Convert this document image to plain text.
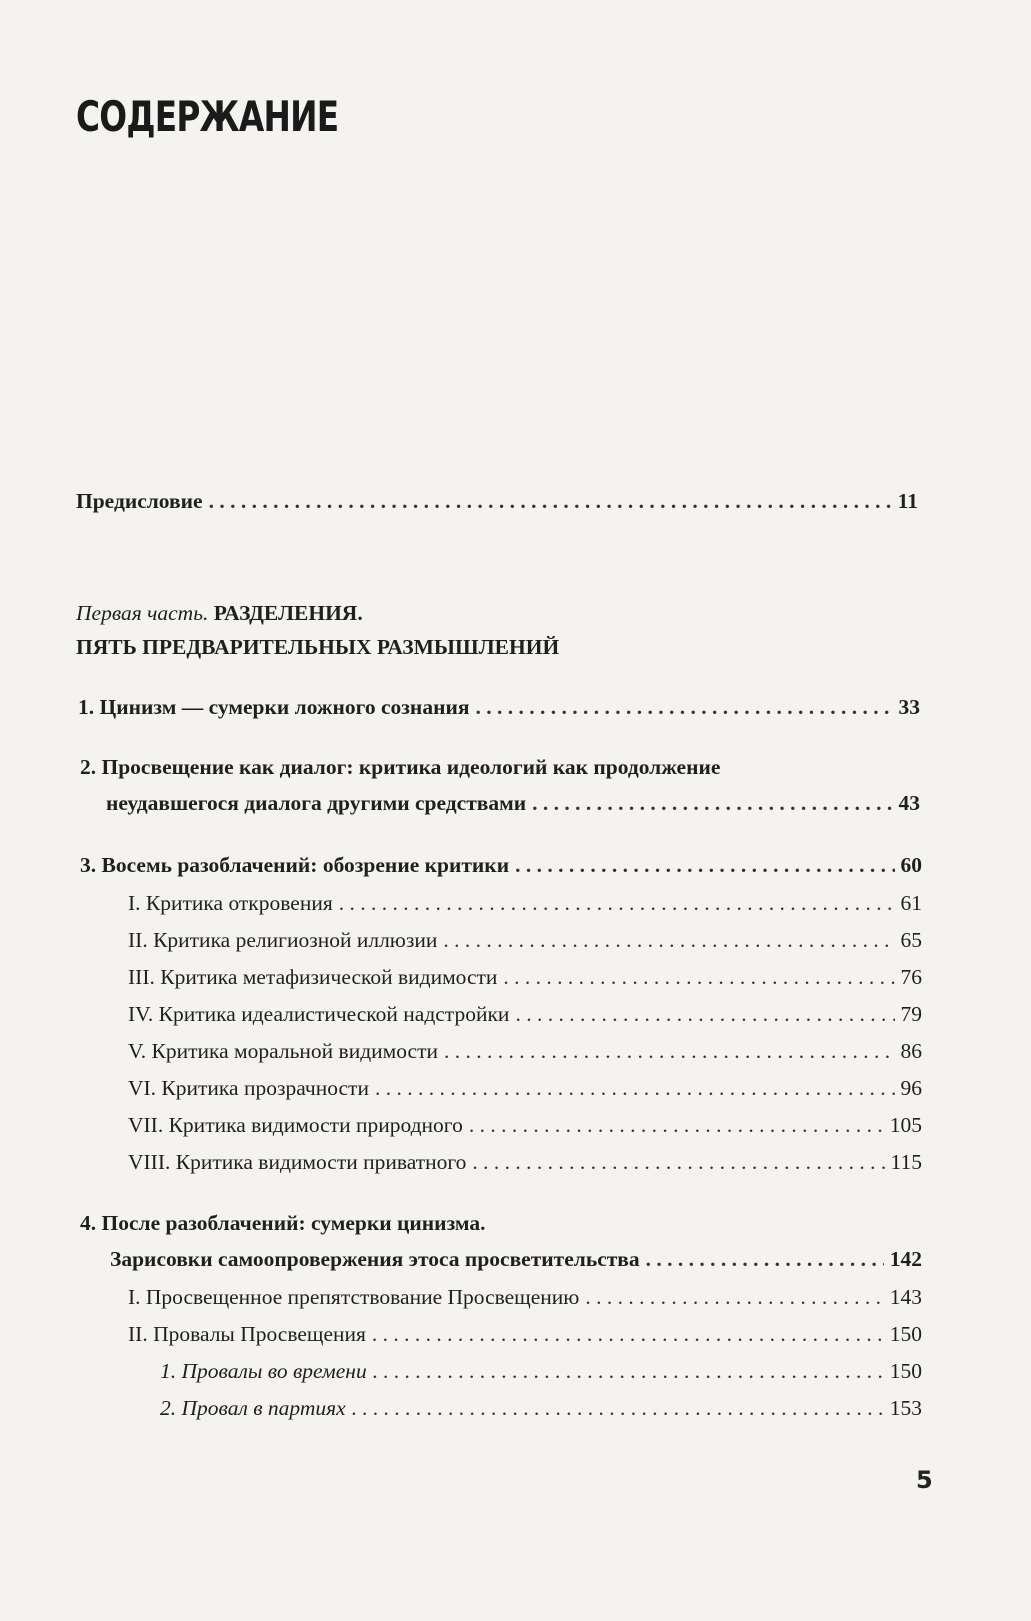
СОДЕРЖАНИЕ
Предисловие . . .	11
Первая часть. РАЗДЕЛЕНИЯ.
ПЯТЬ ПРЕДВАРИТЕЛЬНЫХ РАЗМЫШЛЕНИЙ
1. Цинизм — сумерки ложного сознания . . .	33
2. Просвещение как диалог: критика идеологий как продолжение
неудавшегося диалога другими средствами . . .	43
3. Восемь разоблачений: обозрение критики . . .	60
I. Критика откровения . . .	61
II. Критика религиозной иллюзии . . .	65
III. Критика метафизической видимости . . .	76
IV. Критика идеалистической надстройки . . .	79
V. Критика моральной видимости . . .	86
VI. Критика прозрачности . . .	96
VII. Критика видимости природного . . .	105
VIII. Критика видимости приватного . . .	115
4. После разоблачений: сумерки цинизма.
Зарисовки самоопровержения этоса просветительства . . .	142
I. Просвещенное препятствование Просвещению . . .	143
II. Провалы Просвещения . . .	150
1. Провалы во времени . . .	150
2. Провал в партиях . . .	153
5
